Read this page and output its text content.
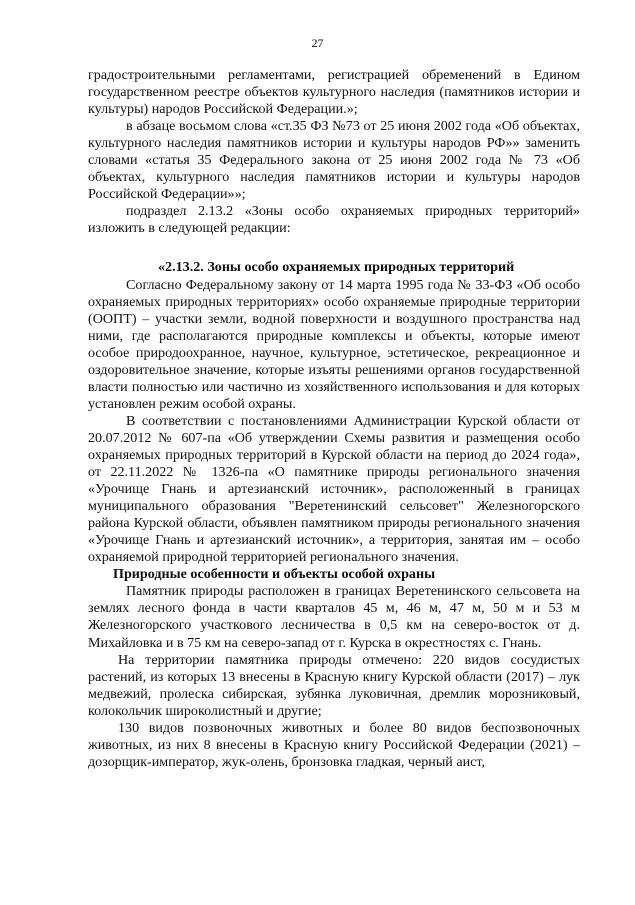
27

градостроительными регламентами, регистрацией обременений в Едином государственном реестре объектов культурного наследия (памятников истории и культуры) народов Российской Федерации.»;

в абзаце восьмом слова «ст.35 ФЗ №73 от 25 июня 2002 года «Об объектах, культурного наследия памятников истории и культуры народов РФ»» заменить словами «статья 35 Федерального закона от 25 июня 2002 года № 73 «Об объектах, культурного наследия памятников истории и культуры народов Российской Федерации»»;

подраздел 2.13.2 «Зоны особо охраняемых природных территорий» изложить в следующей редакции:

«2.13.2. Зоны особо охраняемых природных территорий

Согласно Федеральному закону от 14 марта 1995 года № 33-ФЗ «Об особо охраняемых природных территориях» особо охраняемые природные территории (ООПТ) – участки земли, водной поверхности и воздушного пространства над ними, где располагаются природные комплексы и объекты, которые имеют особое природоохранное, научное, культурное, эстетическое, рекреационное и оздоровительное значение, которые изъяты решениями органов государственной власти полностью или частично из хозяйственного использования и для которых установлен режим особой охраны.

В соответствии с постановлениями Администрации Курской области от 20.07.2012 № 607-па «Об утверждении Схемы развития и размещения особо охраняемых природных территорий в Курской области на период до 2024 года», от 22.11.2022 № 1326-па «О памятнике природы регионального значения «Урочище Гнань и артезианский источник», расположенный в границах муниципального образования "Веретенинский сельсовет" Железногорского района Курской области, объявлен памятником природы регионального значения «Урочище Гнань и артезианский источник», а территория, занятая им – особо охраняемой природной территорией регионального значения.

Природные особенности и объекты особой охраны

Памятник природы расположен в границах Веретенинского сельсовета на землях лесного фонда в части кварталов 45 м, 46 м, 47 м, 50 м и 53 м Железногорского участкового лесничества в 0,5 км на северо-восток от д. Михайловка и в 75 км на северо-запад от г. Курска в окрестностях с. Гнань.

На территории памятника природы отмечено: 220 видов сосудистых растений, из которых 13 внесены в Красную книгу Курской области (2017) – лук медвежий, пролеска сибирская, зубянка луковичная, дремлик морозниковый, колокольчик широколистный и другие;

130 видов позвоночных животных и более 80 видов беспозвоночных животных, из них 8 внесены в Красную книгу Российской Федерации (2021) – дозорщик-император, жук-олень, бронзовка гладкая, черный аист,
